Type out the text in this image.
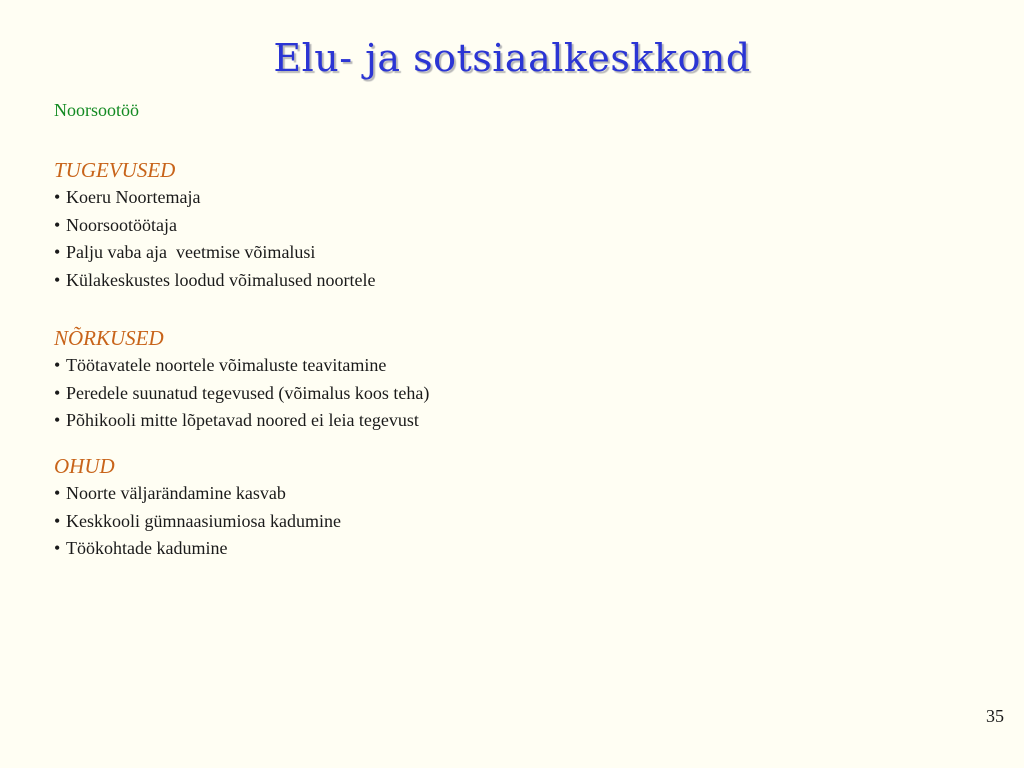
Elu- ja sotsiaalkeskkond
Noorsootöö
TUGEVUSED
• Koeru Noortemaja
• Noorsootöötaja
• Palju vaba aja  veetmise võimalusi
• Külakeskustes loodud võimalused noortele
NÕRKUSED
• Töötavatele noortele võimaluste teavitamine
• Peredele suunatud tegevused (võimalus koos teha)
• Põhikooli mitte lõpetavad noored ei leia tegevust
OHUD
• Noorte väljarändamine kasvab
• Keskkooli gümnaasiumiosa kadumine
• Töökohtade kadumine
35
